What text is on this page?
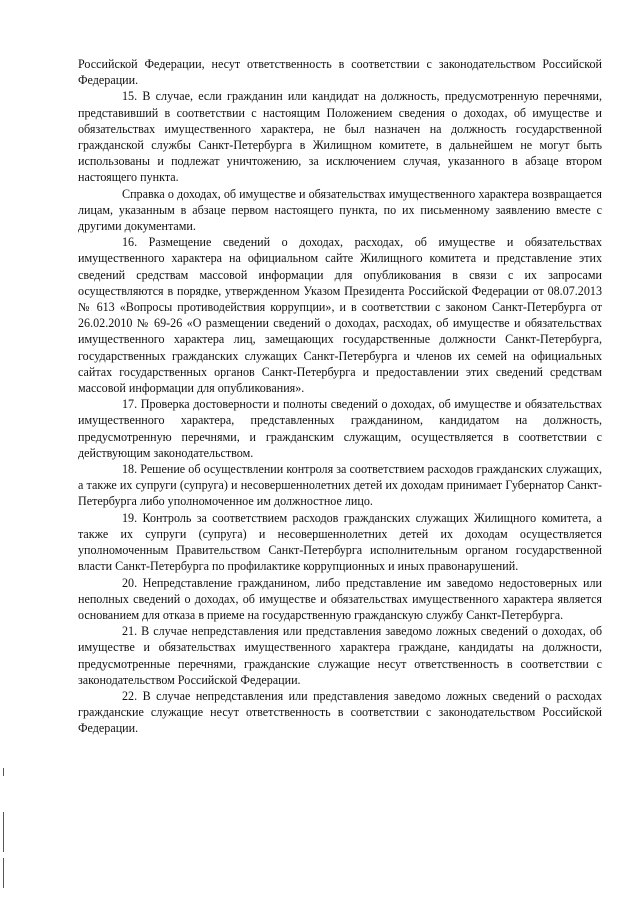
Российской Федерации, несут ответственность в соответствии с законодательством Российской Федерации.

15. В случае, если гражданин или кандидат на должность, предусмотренную перечнями, представивший в соответствии с настоящим Положением сведения о доходах, об имуществе и обязательствах имущественного характера, не был назначен на должность государственной гражданской службы Санкт-Петербурга в Жилищном комитете, в дальнейшем не могут быть использованы и подлежат уничтожению, за исключением случая, указанного в абзаце втором настоящего пункта.

Справка о доходах, об имуществе и обязательствах имущественного характера возвращается лицам, указанным в абзаце первом настоящего пункта, по их письменному заявлению вместе с другими документами.

16. Размещение сведений о доходах, расходах, об имуществе и обязательствах имущественного характера на официальном сайте Жилищного комитета и представление этих сведений средствам массовой информации для опубликования в связи с их запросами осуществляются в порядке, утвержденном Указом Президента Российской Федерации от 08.07.2013 № 613 «Вопросы противодействия коррупции», и в соответствии с законом Санкт-Петербурга от 26.02.2010 № 69-26 «О размещении сведений о доходах, расходах, об имуществе и обязательствах имущественного характера лиц, замещающих государственные должности Санкт-Петербурга, государственных гражданских служащих Санкт-Петербурга и членов их семей на официальных сайтах государственных органов Санкт-Петербурга и предоставлении этих сведений средствам массовой информации для опубликования».

17. Проверка достоверности и полноты сведений о доходах, об имуществе и обязательствах имущественного характера, представленных гражданином, кандидатом на должность, предусмотренную перечнями, и гражданским служащим, осуществляется в соответствии с действующим законодательством.

18. Решение об осуществлении контроля за соответствием расходов гражданских служащих, а также их супруги (супруга) и несовершеннолетних детей их доходам принимает Губернатор Санкт-Петербурга либо уполномоченное им должностное лицо.

19. Контроль за соответствием расходов гражданских служащих Жилищного комитета, а также их супруги (супруга) и несовершеннолетних детей их доходам осуществляется уполномоченным Правительством Санкт-Петербурга исполнительным органом государственной власти Санкт-Петербурга по профилактике коррупционных и иных правонарушений.

20. Непредставление гражданином, либо представление им заведомо недостоверных или неполных сведений о доходах, об имуществе и обязательствах имущественного характера является основанием для отказа в приеме на государственную гражданскую службу Санкт-Петербурга.

21. В случае непредставления или представления заведомо ложных сведений о доходах, об имуществе и обязательствах имущественного характера граждане, кандидаты на должности, предусмотренные перечнями, гражданские служащие несут ответственность в соответствии с законодательством Российской Федерации.

22. В случае непредставления или представления заведомо ложных сведений о расходах гражданские служащие несут ответственность в соответствии с законодательством Российской Федерации.
